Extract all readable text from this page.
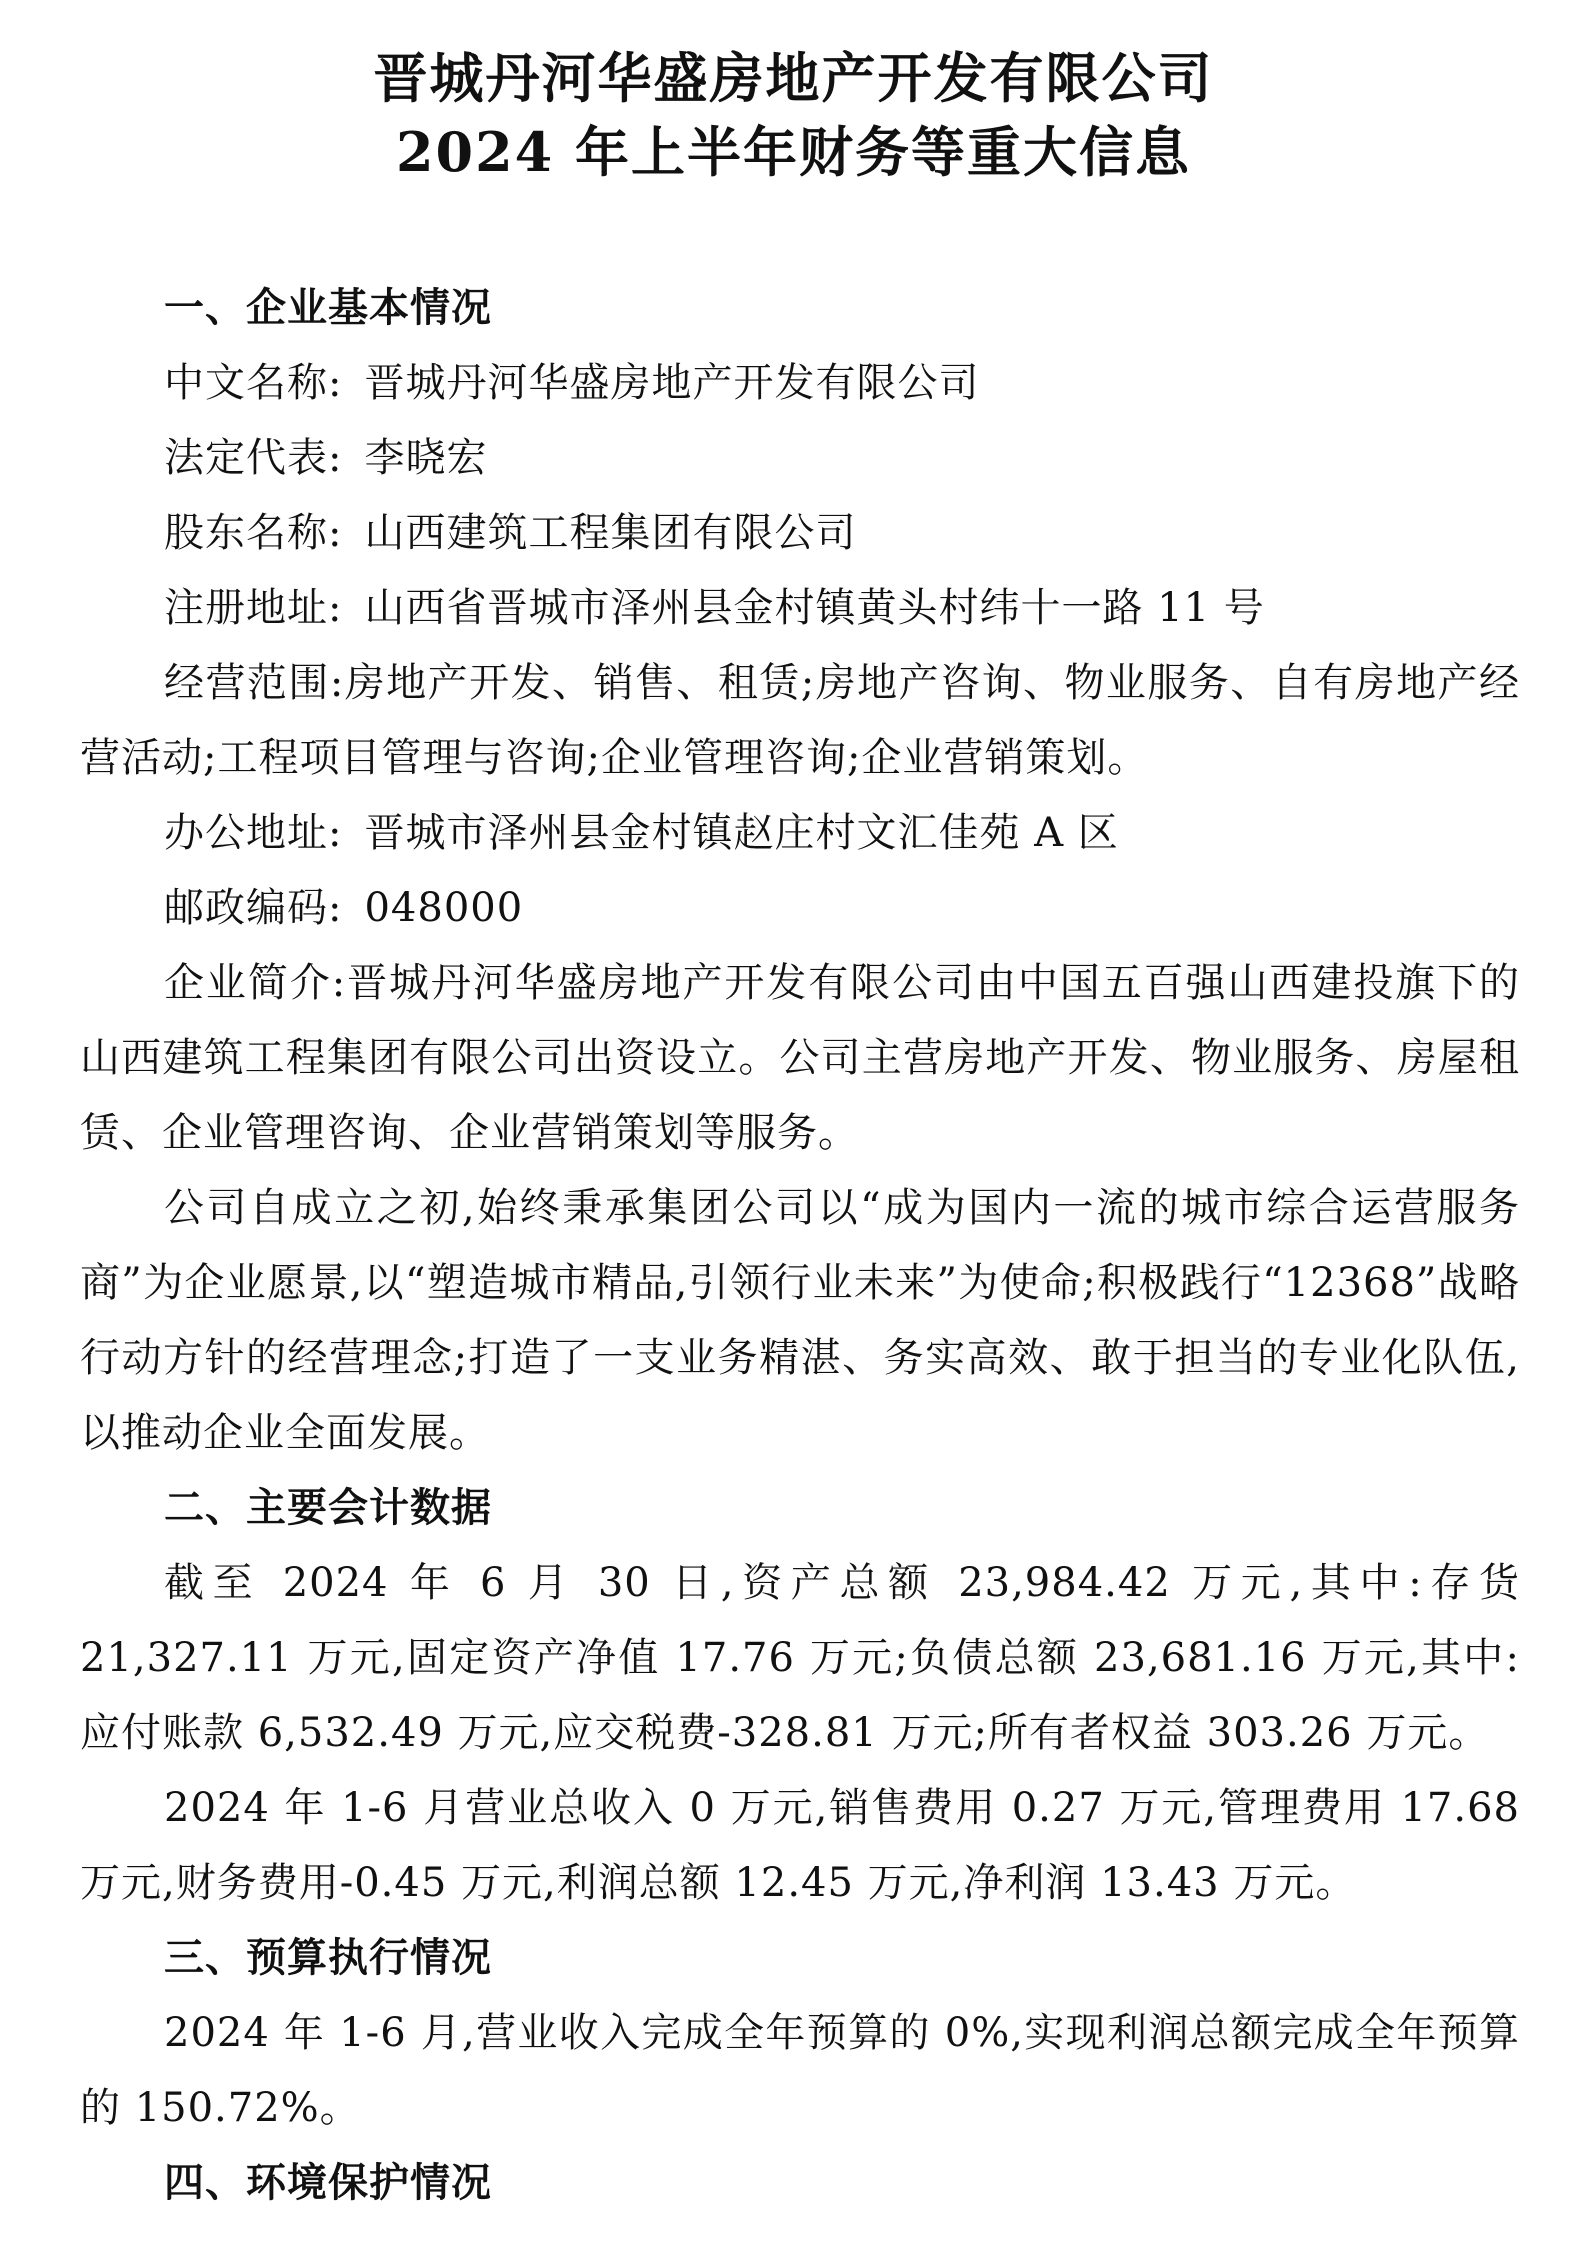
晋城丹河华盛房地产开发有限公司
2024 年上半年财务等重大信息
一、企业基本情况
中文名称: 晋城丹河华盛房地产开发有限公司
法定代表: 李晓宏
股东名称: 山西建筑工程集团有限公司
注册地址: 山西省晋城市泽州县金村镇黄头村纬十一路 11 号

经营范围:房地产开发、销售、租赁;房地产咨询、物业服务、自有房地产经营活动;工程项目管理与咨询;企业管理咨询;企业营销策划。

办公地址: 晋城市泽州县金村镇赵庄村文汇佳苑 A 区
邮政编码: 048000

企业简介:晋城丹河华盛房地产开发有限公司由中国五百强山西建投旗下的山西建筑工程集团有限公司出资设立。公司主营房地产开发、物业服务、房屋租赁、企业管理咨询、企业营销策划等服务。

公司自成立之初,始终秉承集团公司以“成为国内一流的城市综合运营服务商”为企业愿景,以“塑造城市精品,引领行业未来”为使命;积极践行“12368”战略行动方针的经营理念;打造了一支业务精湛、务实高效、敢于担当的专业化队伍,以推动企业全面发展。

二、主要会计数据

截至 2024 年 6 月 30 日,资产总额 23,984.42 万元,其中:存货 21,327.11 万元,固定资产净值 17.76 万元;负债总额 23,681.16 万元,其中:应付账款 6,532.49 万元,应交税费-328.81 万元;所有者权益 303.26 万元。

2024 年 1-6 月营业总收入 0 万元,销售费用 0.27 万元,管理费用 17.68 万元,财务费用-0.45 万元,利润总额 12.45 万元,净利润 13.43 万元。

三、预算执行情况

2024 年 1-6 月,营业收入完成全年预算的 0%,实现利润总额完成全年预算的 150.72%。

四、环境保护情况
